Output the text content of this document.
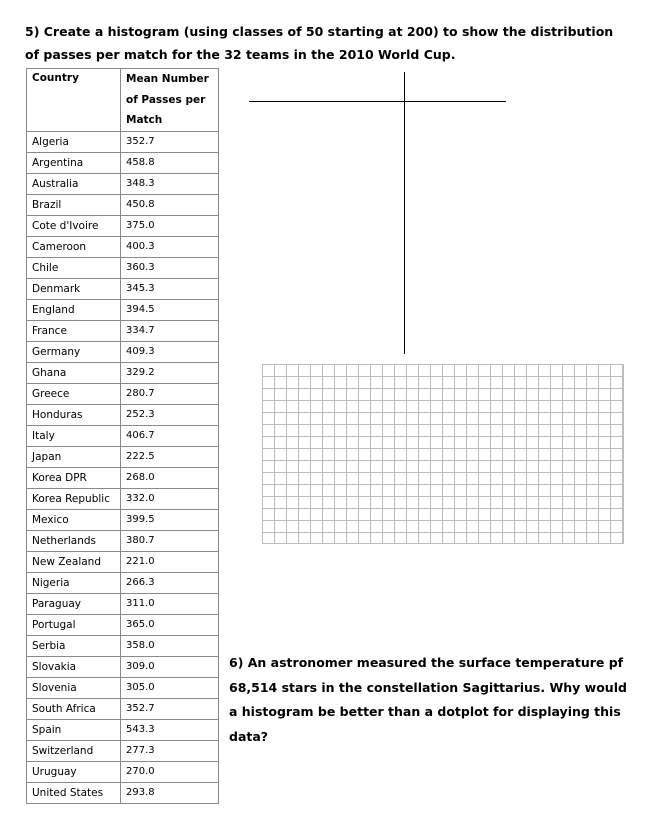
5) Create a histogram (using classes of 50 starting at 200) to show the distribution of passes per match for the 32 teams in the 2010 World Cup.
Country	Mean Number of Passes per Match
Algeria	352.7
Argentina	458.8
Australia	348.3
Brazil	450.8
Cote d'Ivoire	375.0
Cameroon	400.3
Chile	360.3
Denmark	345.3
England	394.5
France	334.7
Germany	409.3
Ghana	329.2
Greece	280.7
Honduras	252.3
Italy	406.7
Japan	222.5
Korea DPR	268.0
Korea Republic	332.0
Mexico	399.5
Netherlands	380.7
New Zealand	221.0
Nigeria	266.3
Paraguay	311.0
Portugal	365.0
Serbia	358.0
Slovakia	309.0
Slovenia	305.0
South Africa	352.7
Spain	543.3
Switzerland	277.3
Uruguay	270.0
United States	293.8
6) An astronomer measured the surface temperature pf 68,514 stars in the constellation Sagittarius. Why would a histogram be better than a dotplot for displaying this data?
